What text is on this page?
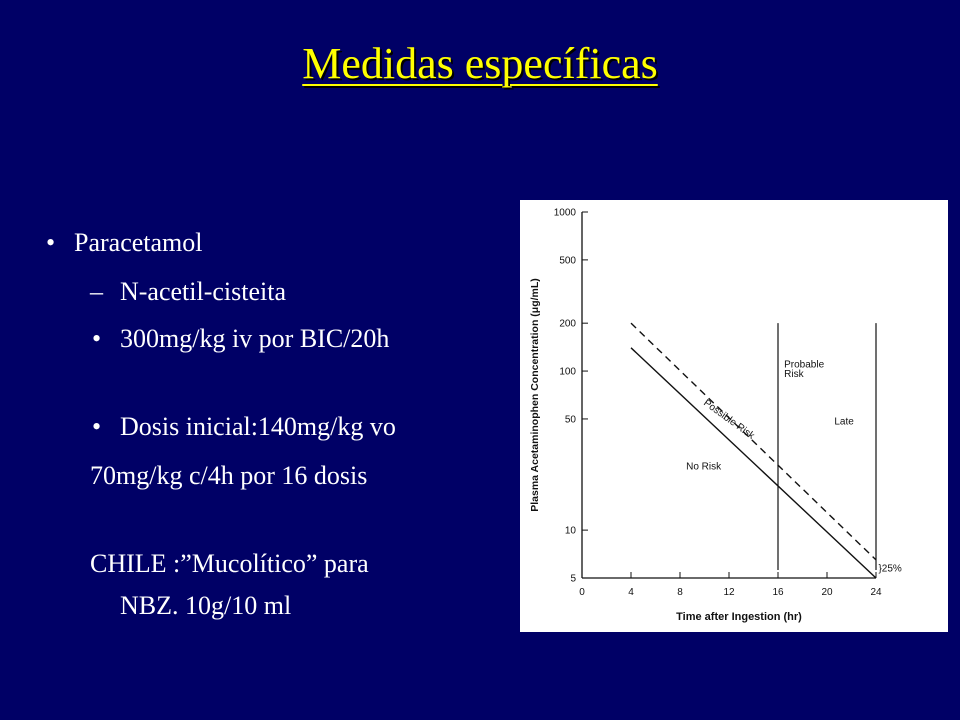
Medidas específicas
• Paracetamol
– N-acetil-cisteita
• 300mg/kg iv por BIC/20h
• Dosis inicial:140mg/kg vo
70mg/kg c/4h por 16 dosis
CHILE :”Mucolítico” para
NBZ. 10g/10 ml
5
10
50
100
200
500
1000
0	4	8	12	16	20	24
Time after Ingestion (hr)
Plasma Acetaminophen Concentration (μg/mL)	Probable
Risk
Possible Risk	Late
No Risk
}25%
